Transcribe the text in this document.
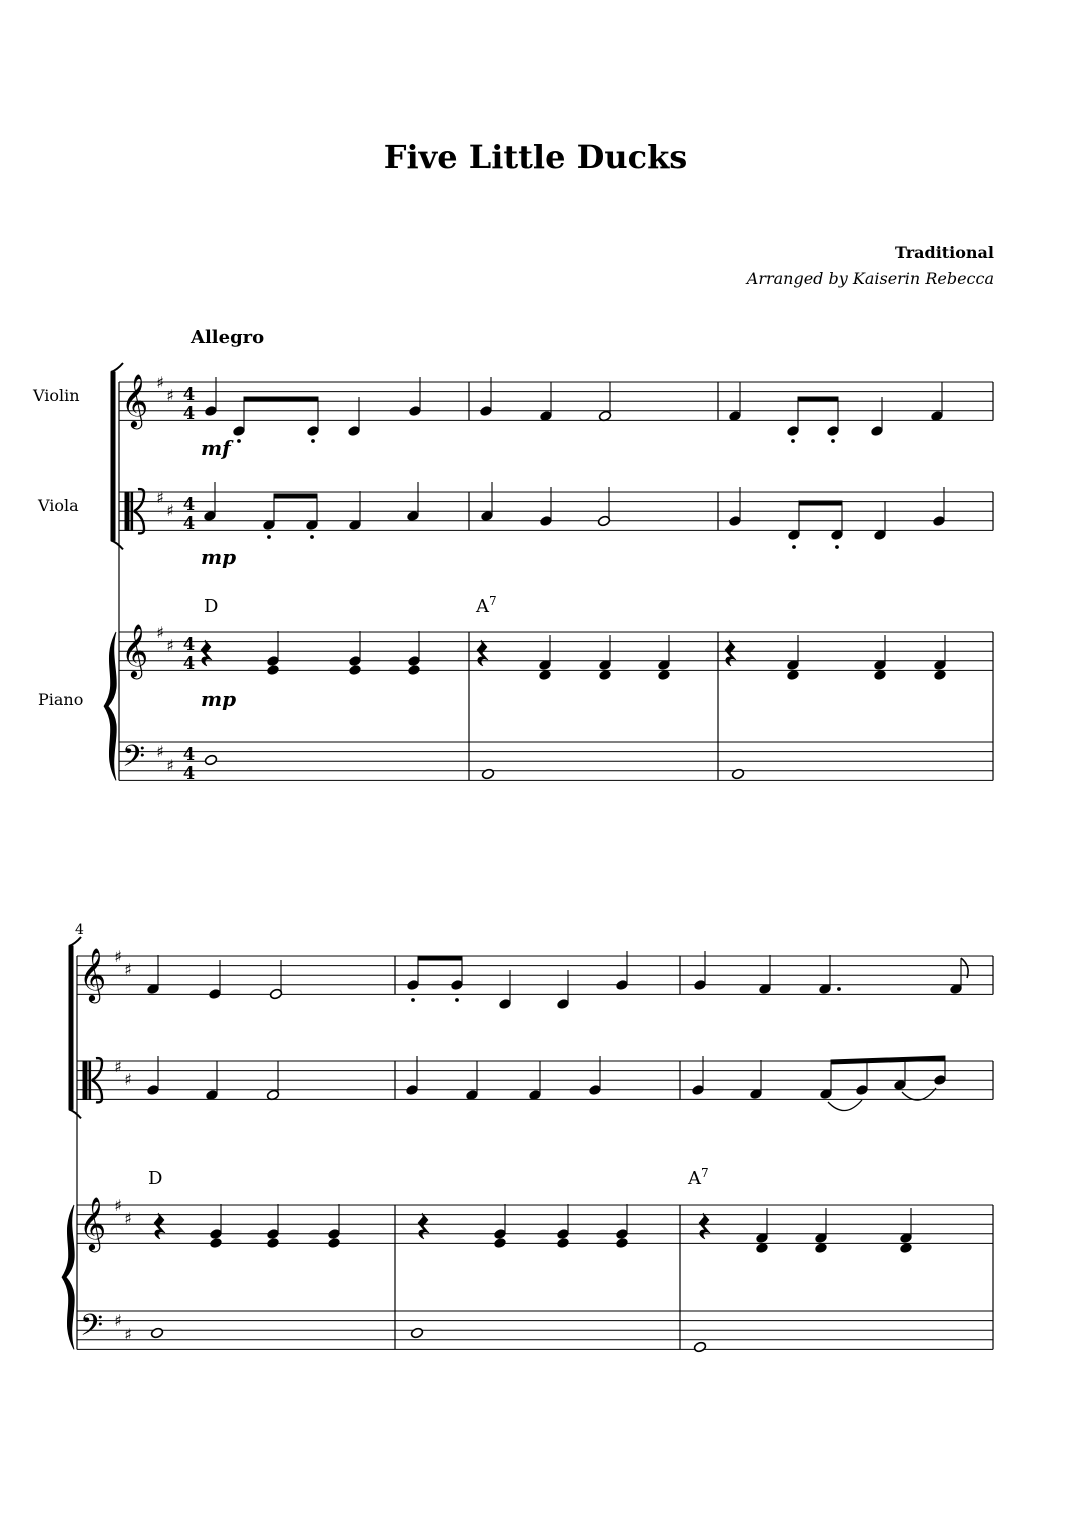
Five Little Ducks
Traditional
Arranged by Kaiserin Rebecca
Allegro
Violin
Viola
Piano
𝄞
𝄞
𝄢
♯
♯
♯
♯
♯
♯
♯
♯
4
4
4
4
4
4
4
4
mf
mp
mp
D	$A^7$
4
𝄞
𝄞
𝄢
♯
♯
♯
♯
♯
♯
♯
♯
D	$A^7$
